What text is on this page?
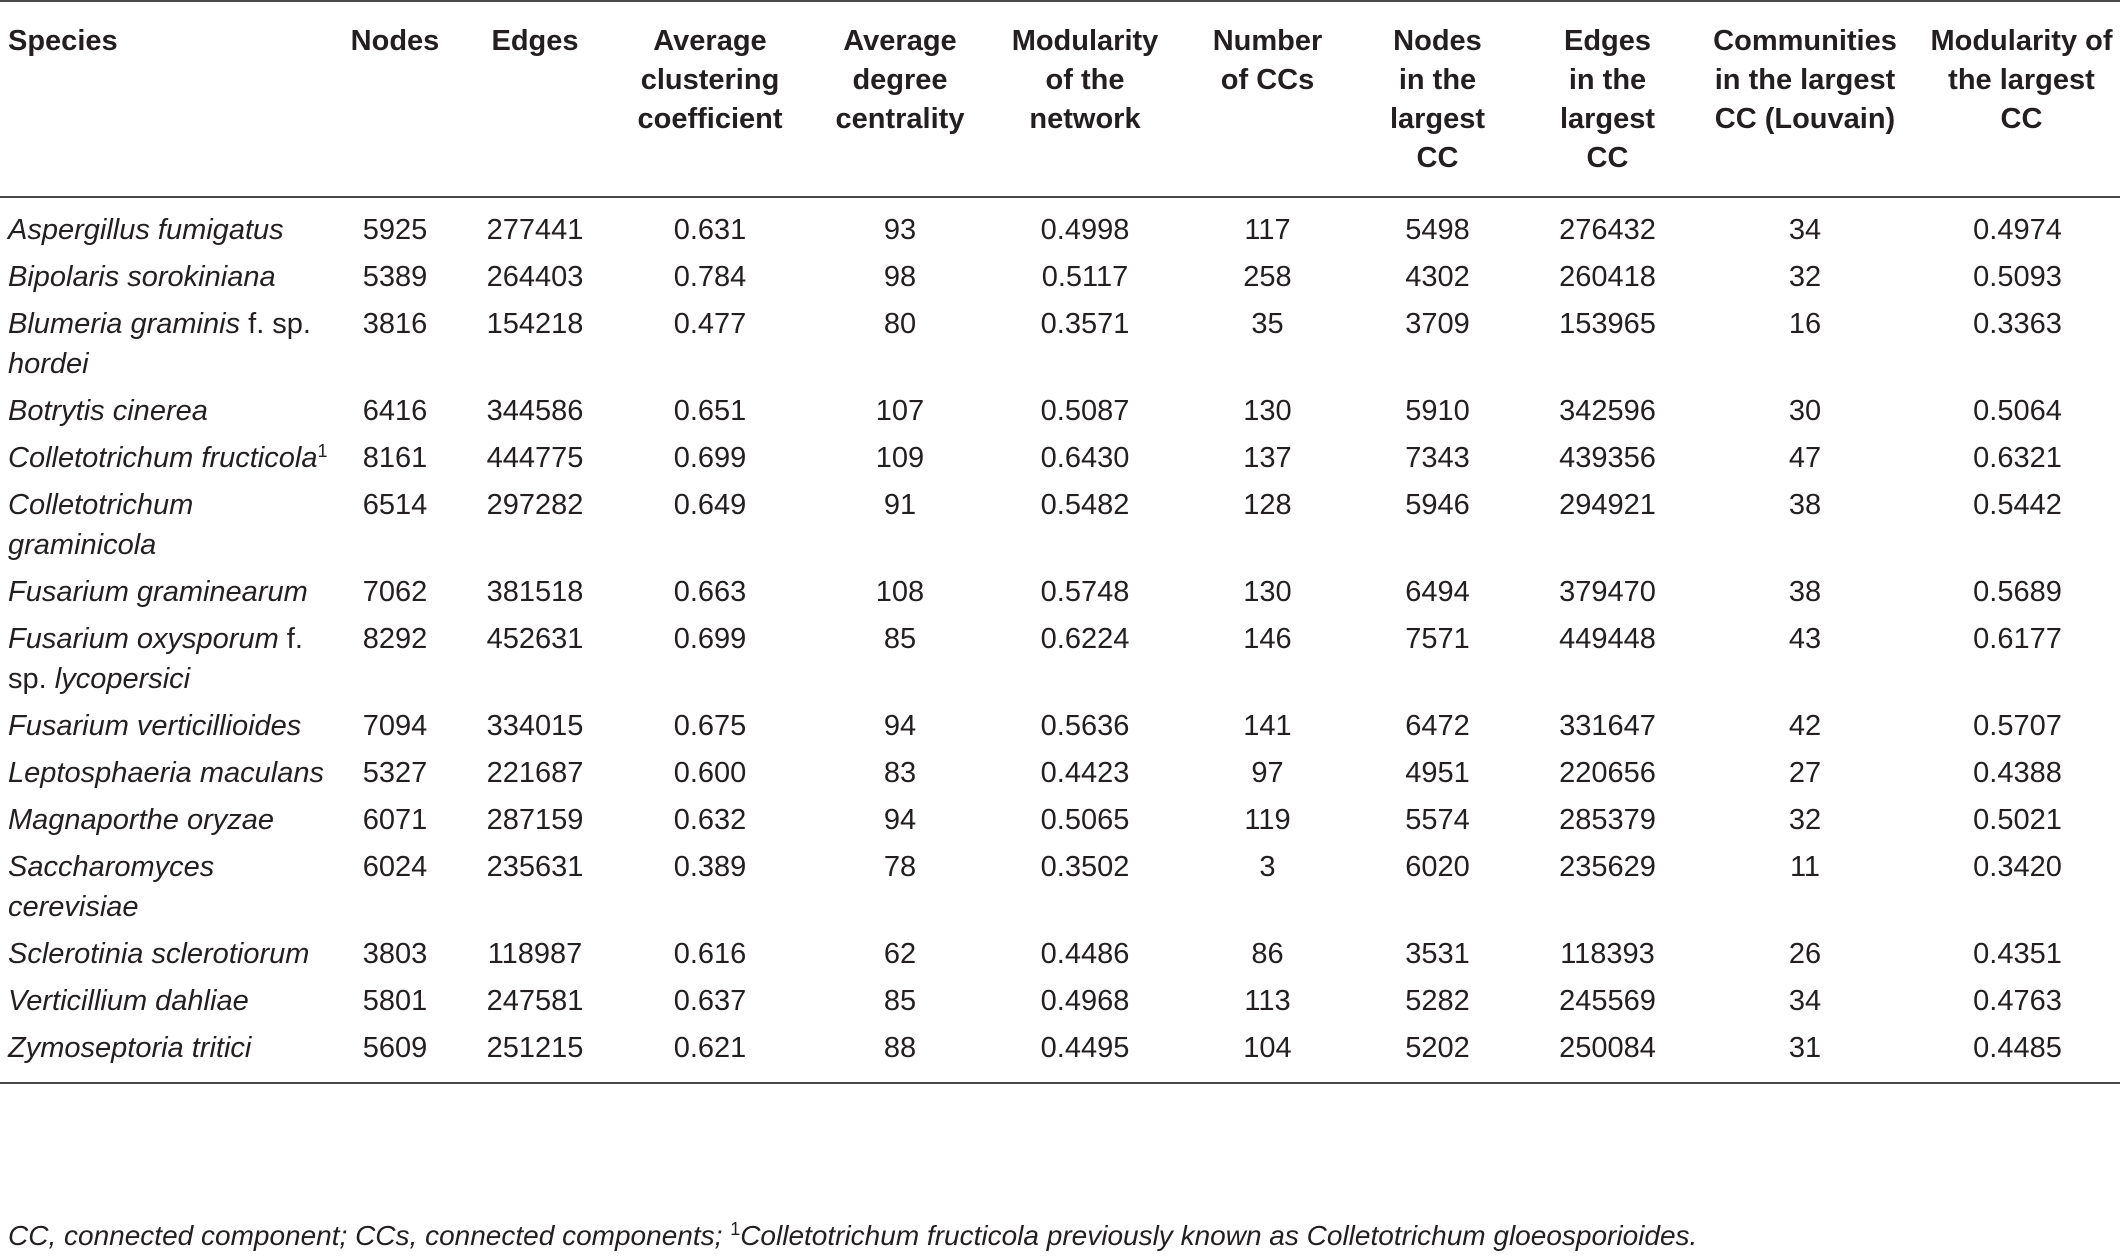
Species	Nodes	Edges	Average clustering coefficient	Average degree centrality	Modularity of the network	Number of CCs	Nodes in the largest CC	Edges in the largest CC	Communities in the largest CC (Louvain)	Modularity of the largest CC
Aspergillus fumigatus	5925	277441	0.631	93	0.4998	117	5498	276432	34	0.4974
Bipolaris sorokiniana	5389	264403	0.784	98	0.5117	258	4302	260418	32	0.5093
Blumeria graminis f. sp. hordei	3816	154218	0.477	80	0.3571	35	3709	153965	16	0.3363
Botrytis cinerea	6416	344586	0.651	107	0.5087	130	5910	342596	30	0.5064
Colletotrichum fructicola$^1$	8161	444775	0.699	109	0.6430	137	7343	439356	47	0.6321
Colletotrichum graminicola	6514	297282	0.649	91	0.5482	128	5946	294921	38	0.5442
Fusarium graminearum	7062	381518	0.663	108	0.5748	130	6494	379470	38	0.5689
Fusarium oxysporum f. sp. lycopersici	8292	452631	0.699	85	0.6224	146	7571	449448	43	0.6177
Fusarium verticillioides	7094	334015	0.675	94	0.5636	141	6472	331647	42	0.5707
Leptosphaeria maculans	5327	221687	0.600	83	0.4423	97	4951	220656	27	0.4388
Magnaporthe oryzae	6071	287159	0.632	94	0.5065	119	5574	285379	32	0.5021
Saccharomyces cerevisiae	6024	235631	0.389	78	0.3502	3	6020	235629	11	0.3420
Sclerotinia sclerotiorum	3803	118987	0.616	62	0.4486	86	3531	118393	26	0.4351
Verticillium dahliae	5801	247581	0.637	85	0.4968	113	5282	245569	34	0.4763
Zymoseptoria tritici	5609	251215	0.621	88	0.4495	104	5202	250084	31	0.4485
CC, connected component; CCs, connected components; $^1$Colletotrichum fructicola previously known as Colletotrichum gloeosporioides.
